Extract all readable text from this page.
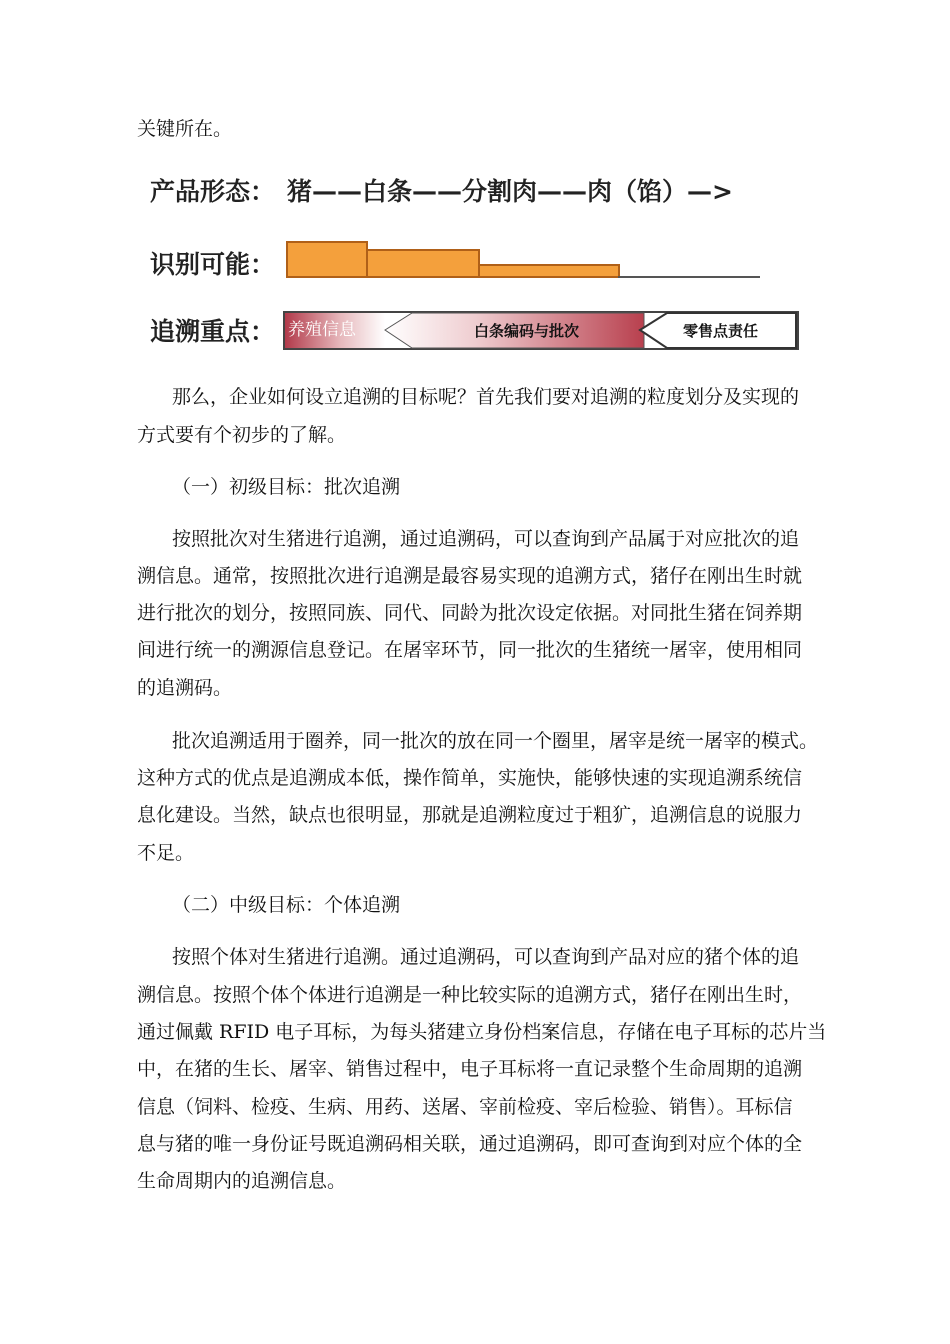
关键所在。
产品形态： 猪——白条——分割肉——肉（馅）—>
识别可能：
追溯重点： 养殖信息	白条编码与批次	零售点责任
那么，企业如何设立追溯的目标呢？首先我们要对追溯的粒度划分及实现的
方式要有个初步的了解。
（一）初级目标：批次追溯
按照批次对生猪进行追溯，通过追溯码，可以查询到产品属于对应批次的追
溯信息。通常，按照批次进行追溯是最容易实现的追溯方式，猪仔在刚出生时就
进行批次的划分，按照同族、同代、同龄为批次设定依据。对同批生猪在饲养期
间进行统一的溯源信息登记。在屠宰环节，同一批次的生猪统一屠宰，使用相同
的追溯码。
批次追溯适用于圈养，同一批次的放在同一个圈里，屠宰是统一屠宰的模式。
这种方式的优点是追溯成本低，操作简单，实施快，能够快速的实现追溯系统信
息化建设。当然，缺点也很明显，那就是追溯粒度过于粗犷，追溯信息的说服力
不足。
（二）中级目标：个体追溯
按照个体对生猪进行追溯。通过追溯码，可以查询到产品对应的猪个体的追
溯信息。按照个体个体进行追溯是一种比较实际的追溯方式，猪仔在刚出生时，
通过佩戴 RFID 电子耳标，为每头猪建立身份档案信息，存储在电子耳标的芯片当
中，在猪的生长、屠宰、销售过程中，电子耳标将一直记录整个生命周期的追溯
信息（饲料、检疫、生病、用药、送屠、宰前检疫、宰后检验、销售）。耳标信
息与猪的唯一身份证号既追溯码相关联，通过追溯码，即可查询到对应个体的全
生命周期内的追溯信息。
